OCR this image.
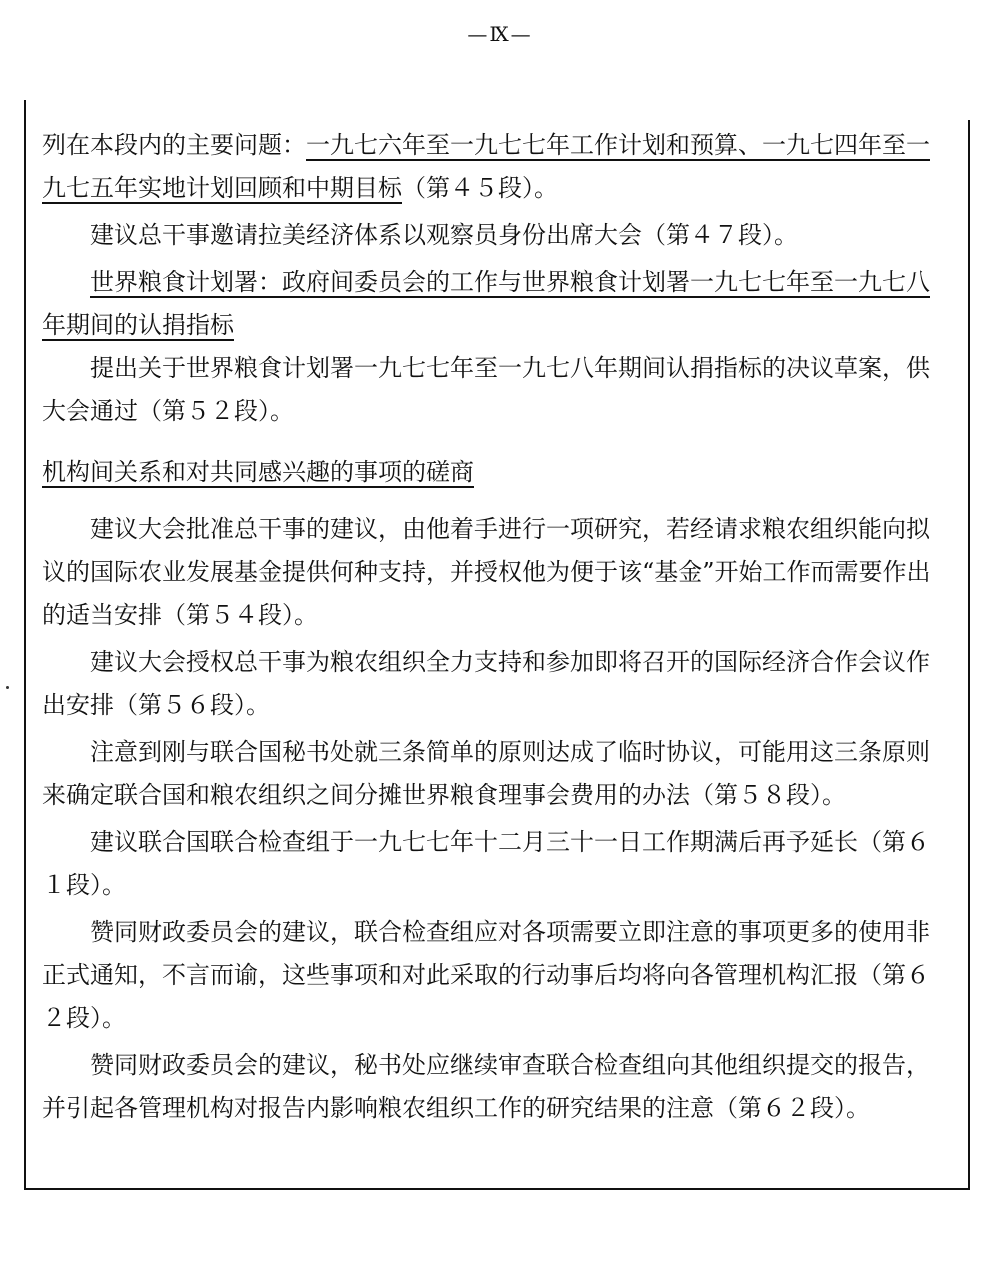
—Ⅸ—

列在本段内的主要问题：一九七六年至一九七七年工作计划和预算、一九七四年至一九七五年实地计划回顾和中期目标（第４５段）。

建议总干事邀请拉美经济体系以观察员身份出席大会（第４７段）。

世界粮食计划署：政府间委员会的工作与世界粮食计划署一九七七年至一九七八年期间的认捐指标

提出关于世界粮食计划署一九七七年至一九七八年期间认捐指标的决议草案，供大会通过（第５２段）。

机构间关系和对共同感兴趣的事项的磋商

建议大会批准总干事的建议，由他着手进行一项研究，若经请求粮农组织能向拟议的国际农业发展基金提供何种支持，并授权他为便于该“基金”开始工作而需要作出的适当安排（第５４段）。

建议大会授权总干事为粮农组织全力支持和参加即将召开的国际经济合作会议作出安排（第５６段）。

注意到刚与联合国秘书处就三条简单的原则达成了临时协议，可能用这三条原则来确定联合国和粮农组织之间分摊世界粮食理事会费用的办法（第５８段）。

建议联合国联合检查组于一九七七年十二月三十一日工作期满后再予延长（第６１段）。

赞同财政委员会的建议，联合检查组应对各项需要立即注意的事项更多的使用非正式通知，不言而谕，这些事项和对此采取的行动事后均将向各管理机构汇报（第６２段）。

赞同财政委员会的建议，秘书处应继续审查联合检查组向其他组织提交的报告，并引起各管理机构对报告内影响粮农组织工作的研究结果的注意（第６２段）。
